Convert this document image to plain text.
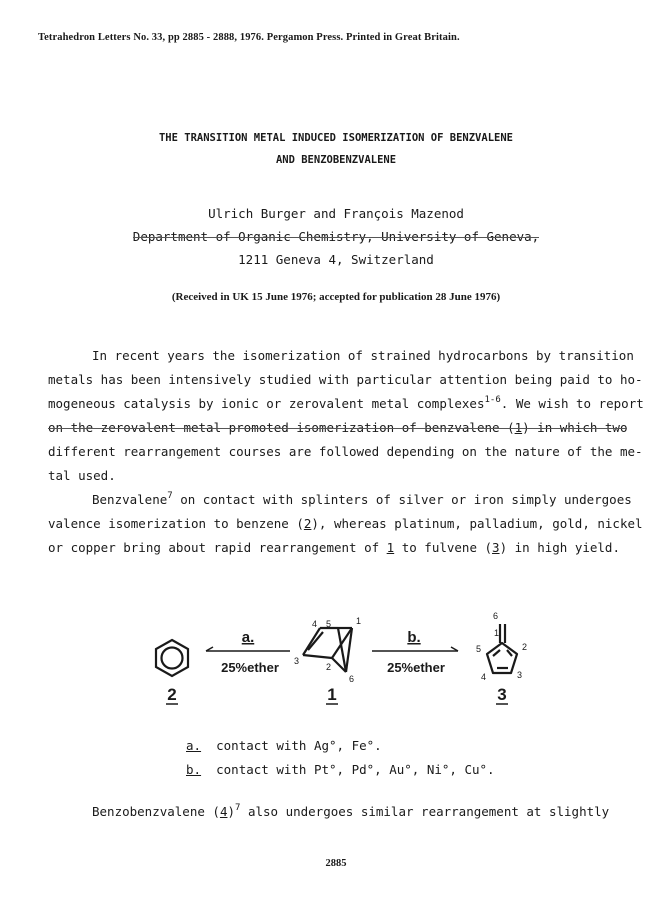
Tetrahedron Letters No. 33, pp 2885 - 2888, 1976. Pergamon Press. Printed in Great Britain.
THE TRANSITION METAL INDUCED ISOMERIZATION OF BENZVALENE
AND BENZOBENZVALENE
Ulrich Burger and François Mazenod
Department of Organic Chemistry, University of Geneva,
1211 Geneva 4, Switzerland
(Received in UK 15 June 1976; accepted for publication 28 June 1976)
In recent years the isomerization of strained hydrocarbons by transition
metals has been intensively studied with particular attention being paid to ho-
mogeneous catalysis by ionic or zerovalent metal complexes$^{1-6}$. We wish to report
on the zerovalent metal promoted isomerization of benzvalene (1) in which two
different rearrangement courses are followed depending on the nature of the me-
tal used.
Benzvalene$^7$ on contact with splinters of silver or iron simply undergoes
valence isomerization to benzene (2), whereas platinum, palladium, gold, nickel
or copper bring about rapid rearrangement of 1 to fulvene (3) in high yield.
a.
25%ether
4 5	1
3
2
6
b.
25%ether
6
1
5	2
4	3
2	1	3
a. contact with Ag°, Fe°.
b. contact with Pt°, Pd°, Au°, Ni°, Cu°.
Benzobenzvalene $(4)^7$ also undergoes similar rearrangement at slightly
2885
